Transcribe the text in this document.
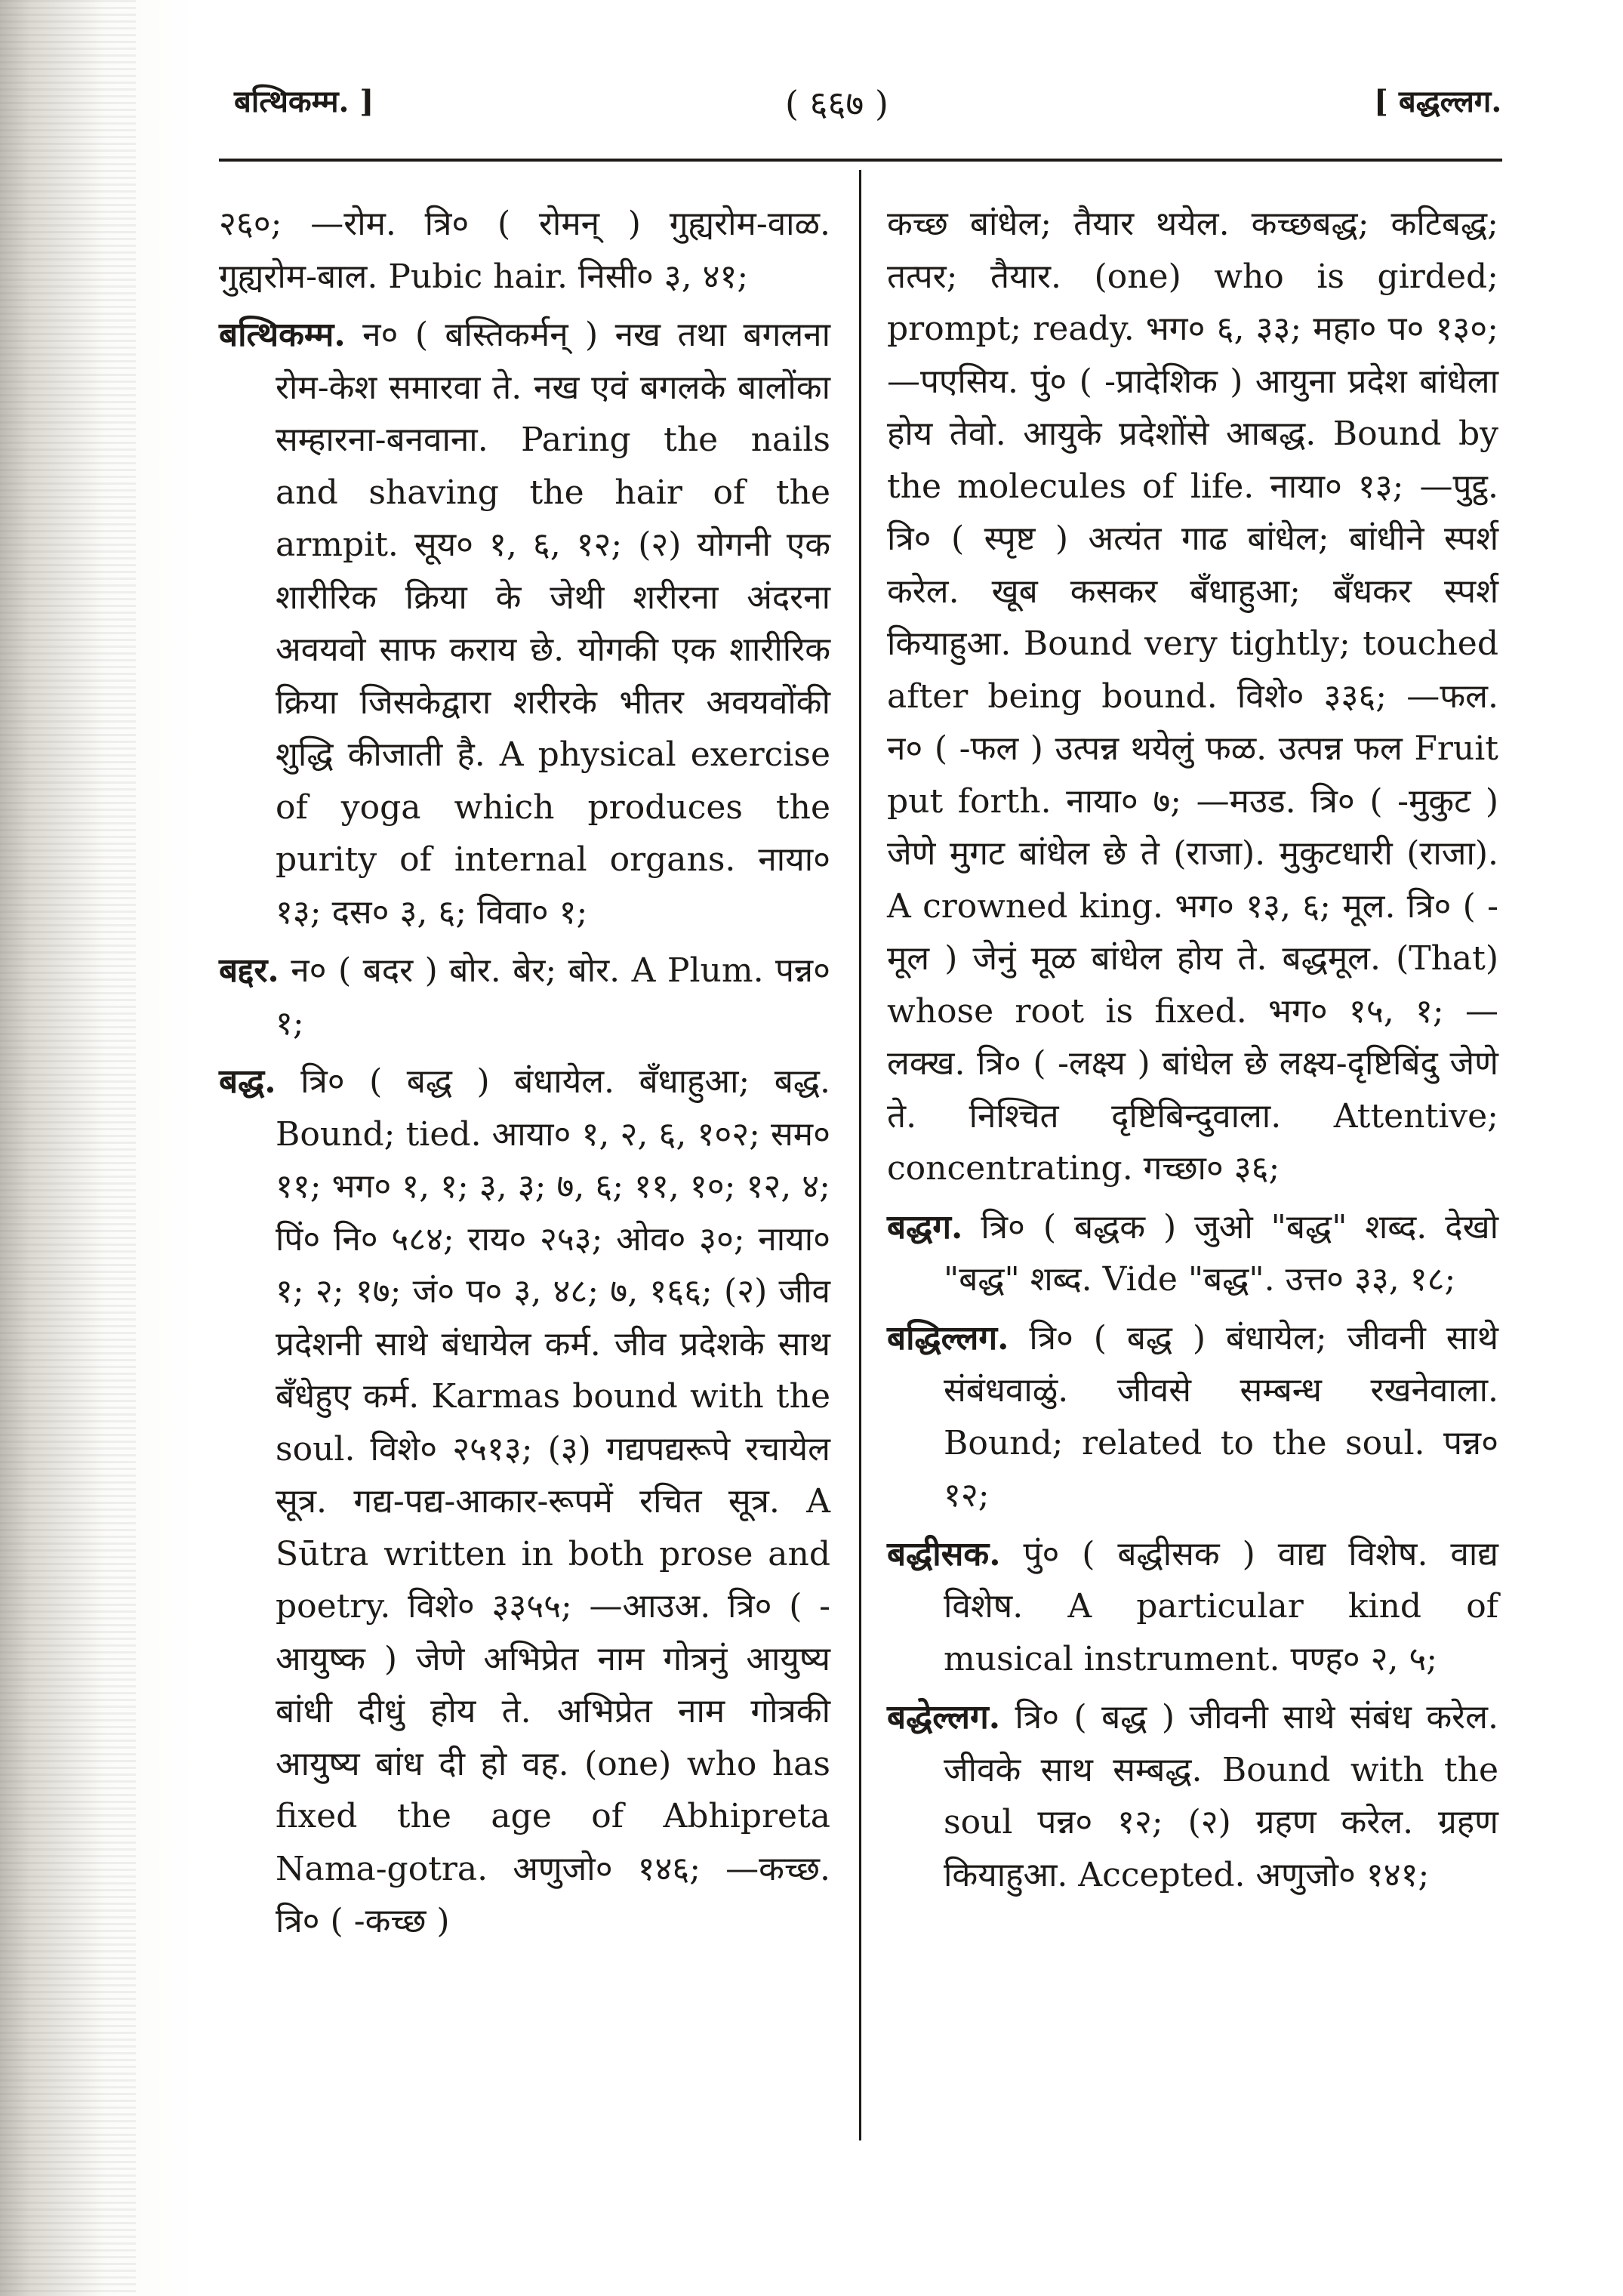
बत्थिकम्म. ]	( ६६७ )	[ बद्धल्लग.

२६०; —रोम. त्रि० ( रोमन् ) गुह्यरोम-वाळ. गुह्यरोम-बाल. Pubic hair. निसी० ३, ४१;

बत्थिकम्म. न० ( बस्तिकर्मन् ) नख तथा बगलना रोम-केश समारवा ते. नख एवं बगलके बालोंका सम्हारना-बनवाना. Paring the nails and shaving the hair of the armpit. सूय० १, ६, १२; (२) योगनी एक शारीरिक क्रिया के जेथी शरीरना अंदरना अवयवो साफ कराय छे. योगकी एक शारीरिक क्रिया जिसकेद्वारा शरीरके भीतर अवयवोंकी शुद्धि कीजाती है. A physical exercise of yoga which produces the purity of internal organs. नाया० १३; दस० ३, ६; विवा० १;

बद्दर. न० ( बदर ) बोर. बेर; बोर. A Plum. पन्न० १;

बद्ध. त्रि० ( बद्ध ) बंधायेल. बँधाहुआ; बद्ध. Bound; tied. आया० १, २, ६, १०२; सम० ११; भग० १, १; ३, ३; ७, ६; ११, १०; १२, ४; पिं० नि० ५८४; राय० २५३; ओव० ३०; नाया० १; २; १७; जं० प० ३, ४८; ७, १६६; (२) जीव प्रदेशनी साथे बंधायेल कर्म. जीव प्रदेशके साथ बँधेहुए कर्म. Karmas bound with the soul. विशे० २५१३; (३) गद्यपद्यरूपे रचायेल सूत्र. गद्य-पद्य-आकार-रूपमें रचित सूत्र. A Sūtra written in both prose and poetry. विशे० ३३५५; —आउअ. त्रि० ( -आयुष्क ) जेणे अभिप्रेत नाम गोत्रनुं आयुष्य बांधी दीधुं होय ते. अभिप्रेत नाम गोत्रकी आयुष्य बांध दी हो वह. (one) who has fixed the age of Abhipreta Nama-gotra. अणुजो० १४६; —कच्छ. त्रि० ( -कच्छ )

कच्छ बांधेल; तैयार थयेल. कच्छबद्ध; कटिबद्ध; तत्पर; तैयार. (one) who is girded; prompt; ready. भग० ६, ३३; महा० प० १३०; —पएसिय. पुं० ( -प्रादेशिक ) आयुना प्रदेश बांधेला होय तेवो. आयुके प्रदेशोंसे आबद्ध. Bound by the molecules of life. नाया० १३; —पुट्ठ. त्रि० ( स्पृष्ट ) अत्यंत गाढ बांधेल; बांधीने स्पर्श करेल. खूब कसकर बँधाहुआ; बँधकर स्पर्श कियाहुआ. Bound very tightly; touched after being bound. विशे० ३३६; —फल. न० ( -फल ) उत्पन्न थयेलुं फळ. उत्पन्न फल Fruit put forth. नाया० ७; —मउड. त्रि० ( -मुकुट ) जेणे मुगट बांधेल छे ते (राजा). मुकुटधारी (राजा). A crowned king. भग० १३, ६; मूल. त्रि० ( -मूल ) जेनुं मूळ बांधेल होय ते. बद्धमूल. (That) whose root is fixed. भग० १५, १; —लक्ख. त्रि० ( -लक्ष्य ) बांधेल छे लक्ष्य-दृष्टिबिंदु जेणे ते. निश्चित दृष्टिबिन्दुवाला. Attentive; concentrating. गच्छा० ३६;

बद्धग. त्रि० ( बद्धक ) जुओ "बद्ध" शब्द. देखो "बद्ध" शब्द. Vide "बद्ध". उत्त० ३३, १८;

बद्धिल्लग. त्रि० ( बद्ध ) बंधायेल; जीवनी साथे संबंधवाळुं. जीवसे सम्बन्ध रखनेवाला. Bound; related to the soul. पन्न० १२;

बद्धीसक. पुं० ( बद्धीसक ) वाद्य विशेष. वाद्य विशेष. A particular kind of musical instrument. पण्ह० २, ५;

बद्धेल्लग. त्रि० ( बद्ध ) जीवनी साथे संबंध करेल. जीवके साथ सम्बद्ध. Bound with the soul पन्न० १२; (२) ग्रहण करेल. ग्रहण कियाहुआ. Accepted. अणुजो० १४१;
